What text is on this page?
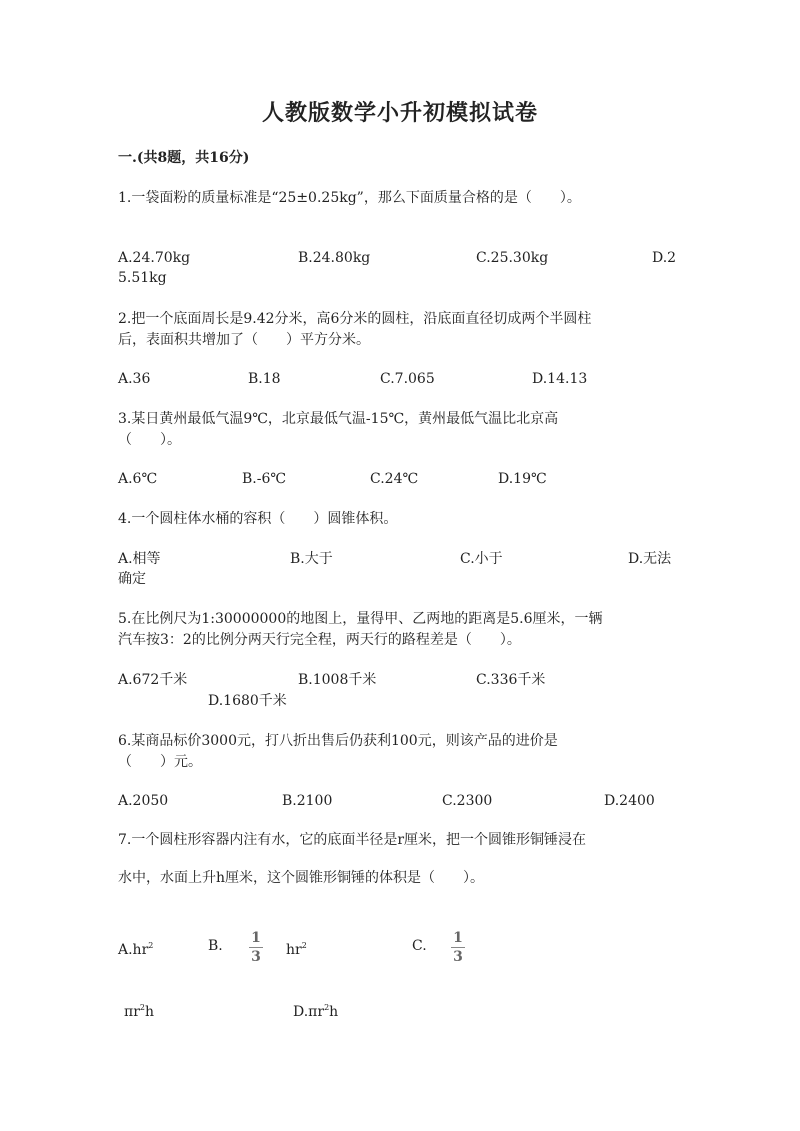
人教版数学小升初模拟试卷
一.(共8题，共16分)
1.一袋面粉的质量标准是“25±0.25kg”，那么下面质量合格的是（　　）。
A.24.70kg	B.24.80kg	C.25.30kg	D.2
5.51kg
2.把一个底面周长是9.42分米，高6分米的圆柱，沿底面直径切成两个半圆柱
后，表面积共增加了（　　）平方分米。
A.36	B.18	C.7.065	D.14.13
3.某日黄州最低气温9℃，北京最低气温-15℃，黄州最低气温比北京高
（　　）。
A.6℃	B.-6℃	C.24℃	D.19℃
4.一个圆柱体水桶的容积（　　）圆锥体积。
A.相等	B.大于	C.小于	D.无法
确定
5.在比例尺为1:30000000的地图上，量得甲、乙两地的距离是5.6厘米，一辆
汽车按3：2的比例分两天行完全程，两天行的路程差是（　　）。
A.672千米	B.1008千米	C.336千米
D.1680千米
6.某商品标价3000元，打八折出售后仍获利100元，则该产品的进价是
（　　）元。
A.2050	B.2100	C.2300	D.2400
7.一个圆柱形容器内注有水，它的底面半径是r厘米，把一个圆锥形铜锤浸在
水中，水面上升h厘米，这个圆锥形铜锤的体积是（　　）。
$A.hr^2$	B. 1
3 $hr^2$	C. 1
3
$\pi r^2h$	$D.\pi r^2h$
